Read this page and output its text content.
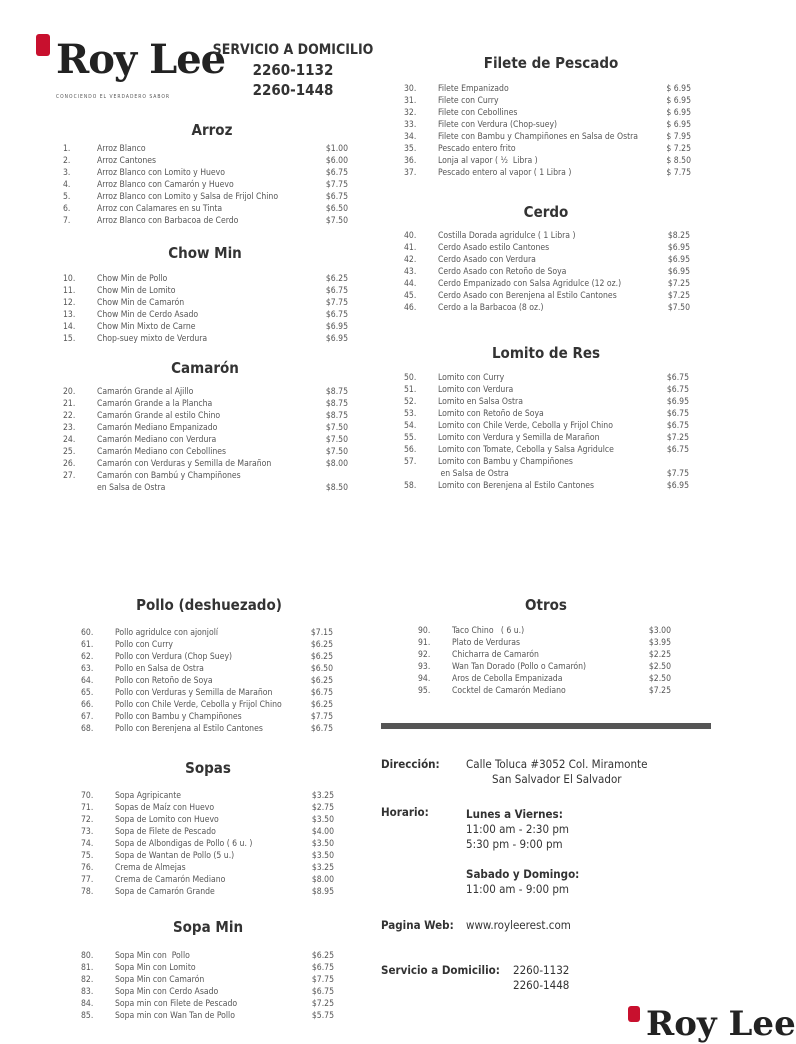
Roy Lee
CONOCIENDO EL VERDADERO SABOR
SERVICIO A DOMICILIO
2260-1132
2260-1448
Arroz
Chow Min
Camarón
Filete de Pescado
Cerdo
Lomito de Res
Pollo (deshuezado)	Otros
Sopas
Sopa Min
1.	Arroz Blanco	$1.00
2.	Arroz Cantones	$6.00
3.	Arroz Blanco con Lomito y Huevo	$6.75
4.	Arroz Blanco con Camarón y Huevo	$7.75
5.	Arroz Blanco con Lomito y Salsa de Frijol Chino	$6.75
6.	Arroz con Calamares en su Tinta	$6.50
7.	Arroz Blanco con Barbacoa de Cerdo	$7.50
10.	Chow Min de Pollo	$6.25
11.	Chow Min de Lomito	$6.75
12.	Chow Min de Camarón	$7.75
13.	Chow Min de Cerdo Asado	$6.75
14.	Chow Min Mixto de Carne	$6.95
15.	Chop-suey mixto de Verdura	$6.95
20.	Camarón Grande al Ajillo	$8.75
21.	Camarón Grande a la Plancha	$8.75
22.	Camarón Grande al estilo Chino	$8.75
23.	Camarón Mediano Empanizado	$7.50
24.	Camarón Mediano con Verdura	$7.50
25.	Camarón Mediano con Cebollines	$7.50
26.	Camarón con Verduras y Semilla de Marañon	$8.00
27.	Camarón con Bambú y Champiñones
en Salsa de Ostra	$8.50
30.	Filete Empanizado	$ 6.95
31.	Filete con Curry	$ 6.95
32.	Filete con Cebollines	$ 6.95
33.	Filete con Verdura (Chop-suey)	$ 6.95
34.	Filete con Bambu y Champiñones en Salsa de Ostra	$ 7.95
35.	Pescado entero frito	$ 7.25
36.	Lonja al vapor ( ½  Libra )	$ 8.50
37.	Pescado entero al vapor ( 1 Libra )	$ 7.75
40.	Costilla Dorada agridulce ( 1 Libra )	$8.25
41.	Cerdo Asado estilo Cantones	$6.95
42.	Cerdo Asado con Verdura	$6.95
43.	Cerdo Asado con Retoño de Soya	$6.95
44.	Cerdo Empanizado con Salsa Agridulce (12 oz.)	$7.25
45.	Cerdo Asado con Berenjena al Estilo Cantones	$7.25
46.	Cerdo a la Barbacoa (8 oz.)	$7.50
50.	Lomito con Curry	$6.75
51.	Lomito con Verdura	$6.75
52.	Lomito en Salsa Ostra	$6.95
53.	Lomito con Retoño de Soya	$6.75
54.	Lomito con Chile Verde, Cebolla y Frijol Chino	$6.75
55.	Lomito con Verdura y Semilla de Marañon	$7.25
56.	Lomito con Tomate, Cebolla y Salsa Agridulce	$6.75
57.	Lomito con Bambu y Champiñones
en Salsa de Ostra	$7.75
58.	Lomito con Berenjena al Estilo Cantones	$6.95
60.	Pollo agridulce con ajonjolí	$7.15
61.	Pollo con Curry	$6.25
62.	Pollo con Verdura (Chop Suey)	$6.25
63.	Pollo en Salsa de Ostra	$6.50
64.	Pollo con Retoño de Soya	$6.25
65.	Pollo con Verduras y Semilla de Marañon	$6.75
66.	Pollo con Chile Verde, Cebolla y Frijol Chino	$6.25
67.	Pollo con Bambu y Champiñones	$7.75
68.	Pollo con Berenjena al Estilo Cantones	$6.75
90.	Taco Chino   ( 6 u.)	$3.00
91.	Plato de Verduras	$3.95
92.	Chicharra de Camarón	$2.25
93.	Wan Tan Dorado (Pollo o Camarón)	$2.50
94.	Aros de Cebolla Empanizada	$2.50
95.	Cocktel de Camarón Mediano	$7.25
70.	Sopa Agripicante	$3.25
71.	Sopas de Maíz con Huevo	$2.75
72.	Sopa de Lomito con Huevo	$3.50
73.	Sopa de Filete de Pescado	$4.00
74.	Sopa de Albondigas de Pollo ( 6 u. )	$3.50
75.	Sopa de Wantan de Pollo (5 u.)	$3.50
76.	Crema de Almejas	$3.25
77.	Crema de Camarón Mediano	$8.00
78.	Sopa de Camarón Grande	$8.95
80.	Sopa Min con  Pollo	$6.25
81.	Sopa Min con Lomito	$6.75
82.	Sopa Min con Camarón	$7.75
83.	Sopa Min con Cerdo Asado	$6.75
84.	Sopa min con Filete de Pescado	$7.25
85.	Sopa min con Wan Tan de Pollo	$5.75
Dirección: Calle Toluca #3052 Col. Miramonte
San Salvador El Salvador
Horario:	Lunes a Viernes:
11:00 am - 2:30 pm
5:30 pm - 9:00 pm
Sabado y Domingo:
11:00 am - 9:00 pm
Pagina Web: www.royleerest.com
Servicio a Domicilio: 2260-1132
2260-1448
Roy Lee
